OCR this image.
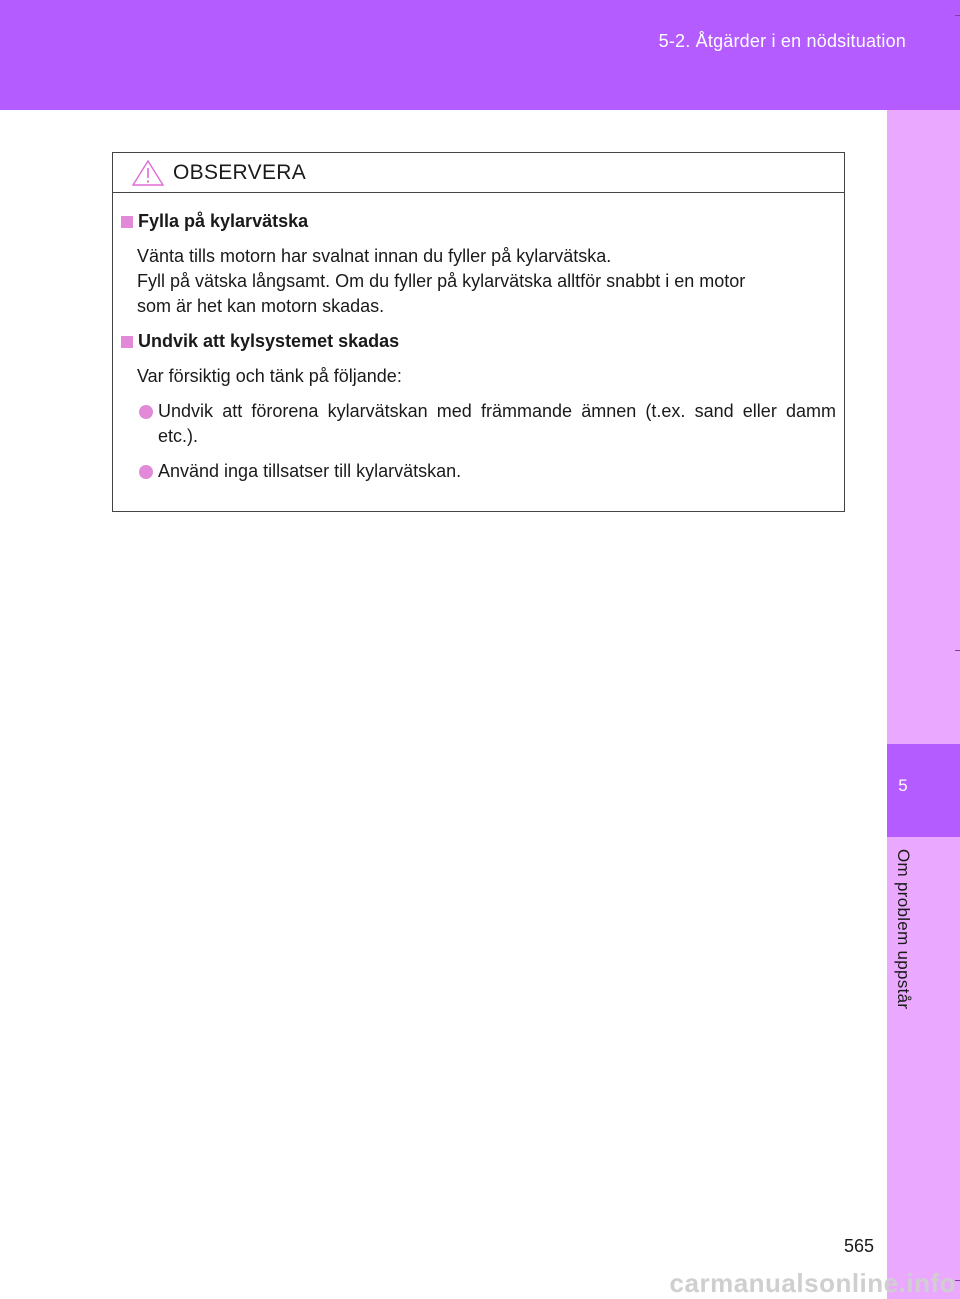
5-2. Åtgärder i en nödsituation
5
Om problem uppstår
OBSERVERA
Fylla på kylarvätska
Vänta tills motorn har svalnat innan du fyller på kylarvätska.
Fyll på vätska långsamt. Om du fyller på kylarvätska alltför snabbt i en motor
som är het kan motorn skadas.
Undvik att kylsystemet skadas
Var försiktig och tänk på följande:
Undvik att förorena kylarvätskan med främmande ämnen (t.ex. sand eller damm etc.).
Använd inga tillsatser till kylarvätskan.
565
carmanualsonline.info
